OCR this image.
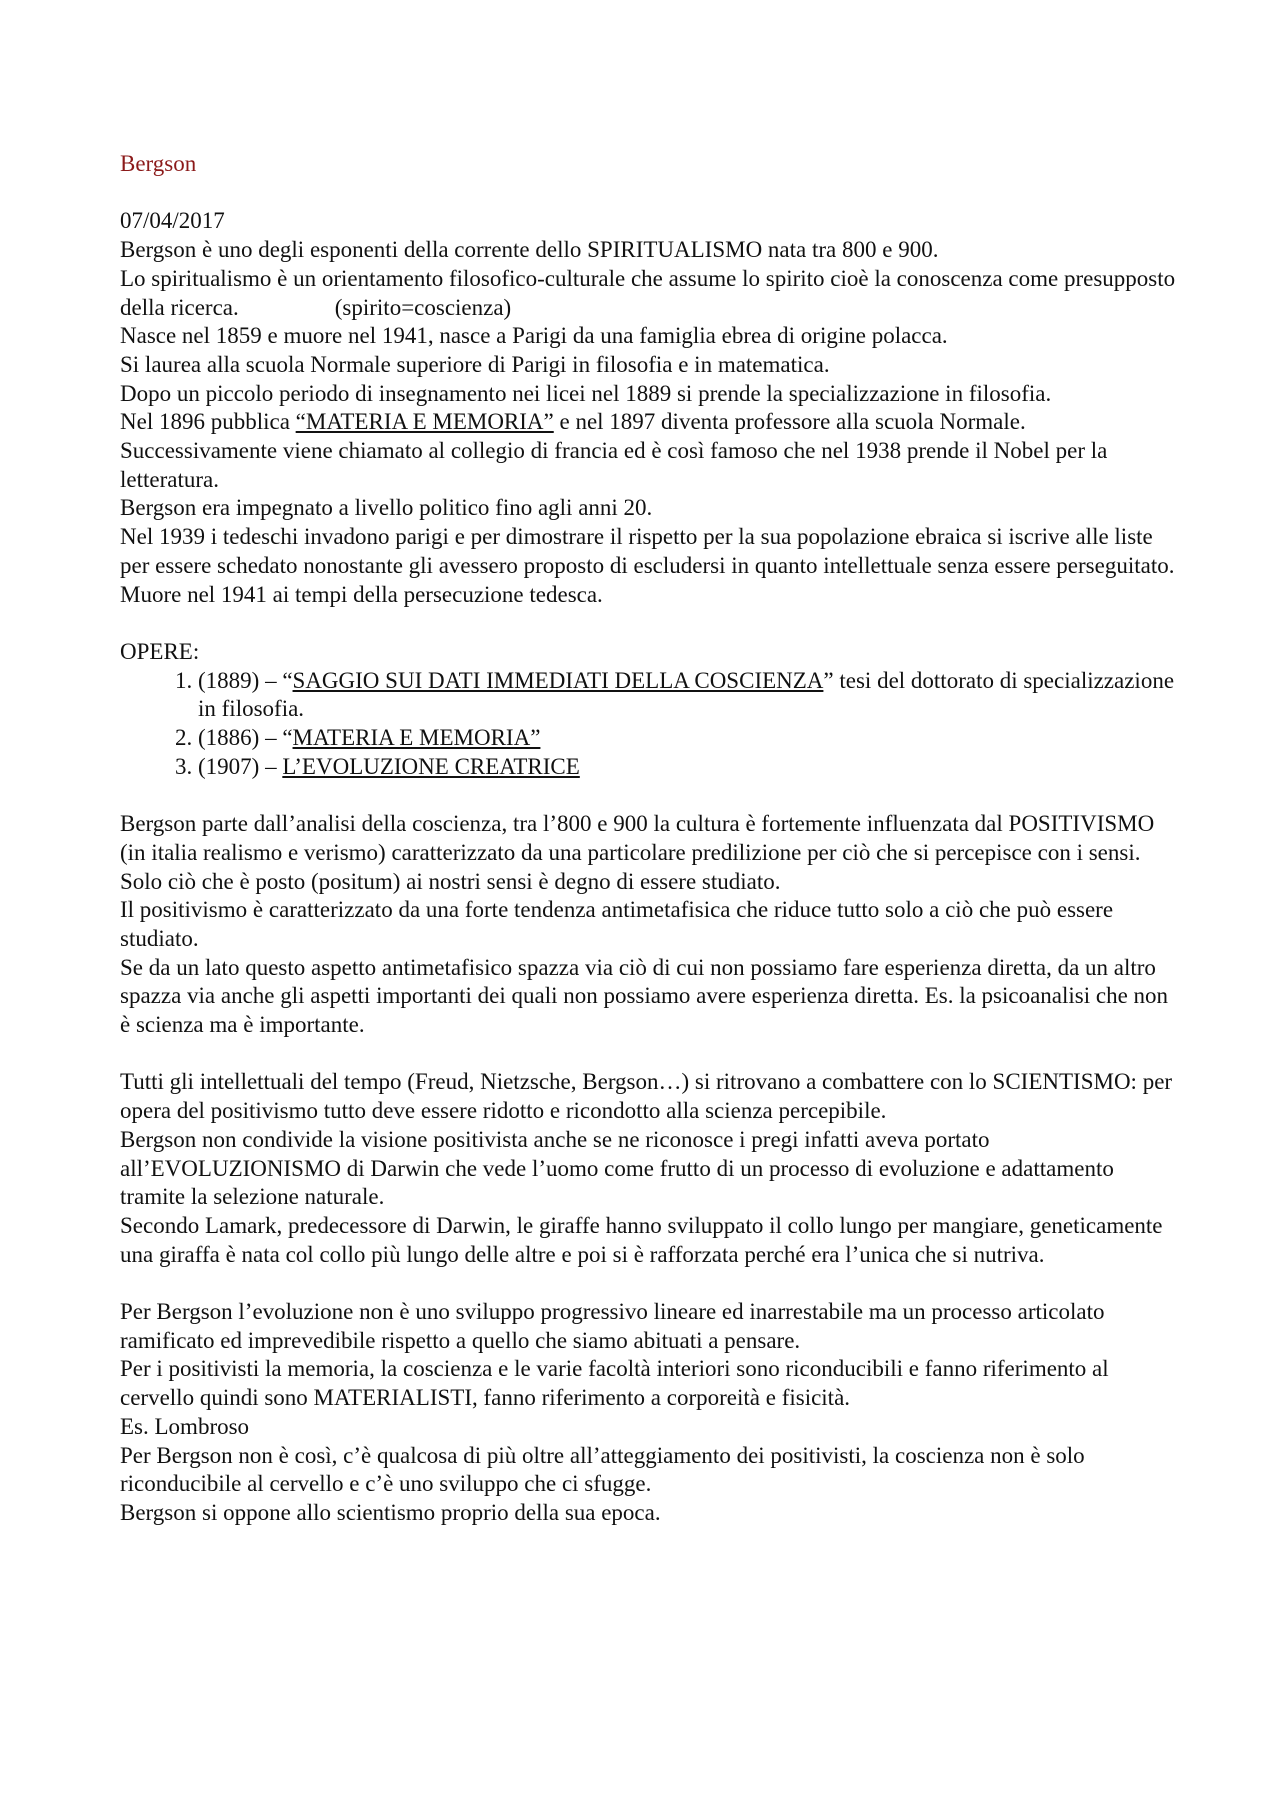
Bergson

07/04/2017

Bergson è uno degli esponenti della corrente dello SPIRITUALISMO nata tra 800 e 900.

Lo spiritualismo è un orientamento filosofico-culturale che assume lo spirito cioè la conoscenza come presupposto della ricerca.	(spirito=coscienza)

Nasce nel 1859 e muore nel 1941, nasce a Parigi da una famiglia ebrea di origine polacca.

Si laurea alla scuola Normale superiore di Parigi in filosofia e in matematica.

Dopo un piccolo periodo di insegnamento nei licei nel 1889 si prende la specializzazione in filosofia.

Nel 1896 pubblica “MATERIA E MEMORIA” e nel 1897 diventa professore alla scuola Normale.

Successivamente viene chiamato al collegio di francia ed è così famoso che nel 1938 prende il Nobel per la letteratura.

Bergson era impegnato a livello politico fino agli anni 20.

Nel 1939 i tedeschi invadono parigi e per dimostrare il rispetto per la sua popolazione ebraica si iscrive alle liste per essere schedato nonostante gli avessero proposto di escludersi in quanto intellettuale senza essere perseguitato.

Muore nel 1941 ai tempi della persecuzione tedesca.

OPERE:

1. (1889) – “SAGGIO SUI DATI IMMEDIATI DELLA COSCIENZA” tesi del dottorato di specializzazione in filosofia.
2. (1886) – “MATERIA E MEMORIA”
3. (1907) – L’EVOLUZIONE CREATRICE

Bergson parte dall’analisi della coscienza, tra l’800 e 900 la cultura è fortemente influenzata dal POSITIVISMO (in italia realismo e verismo) caratterizzato da una particolare predilizione per ciò che si percepisce con i sensi.

Solo ciò che è posto (positum) ai nostri sensi è degno di essere studiato.

Il positivismo è caratterizzato da una forte tendenza antimetafisica che riduce tutto solo a ciò che può essere studiato.

Se da un lato questo aspetto antimetafisico spazza via ciò di cui non possiamo fare esperienza diretta, da un altro spazza via anche gli aspetti importanti dei quali non possiamo avere esperienza diretta. Es. la psicoanalisi che non è scienza ma è importante.

Tutti gli intellettuali del tempo (Freud, Nietzsche, Bergson…) si ritrovano a combattere con lo SCIENTISMO: per opera del positivismo tutto deve essere ridotto e ricondotto alla scienza percepibile.

Bergson non condivide la visione positivista anche se ne riconosce i pregi infatti aveva portato all’EVOLUZIONISMO di Darwin che vede l’uomo come frutto di un processo di evoluzione e adattamento tramite la selezione naturale.

Secondo Lamark, predecessore di Darwin, le giraffe hanno sviluppato il collo lungo per mangiare, geneticamente una giraffa è nata col collo più lungo delle altre e poi si è rafforzata perché era l’unica che si nutriva.

Per Bergson l’evoluzione non è uno sviluppo progressivo lineare ed inarrestabile ma un processo articolato ramificato ed imprevedibile rispetto a quello che siamo abituati a pensare.

Per i positivisti la memoria, la coscienza e le varie facoltà interiori sono riconducibili e fanno riferimento al cervello quindi sono MATERIALISTI, fanno riferimento a corporeità e fisicità.

Es. Lombroso

Per Bergson non è così, c’è qualcosa di più oltre all’atteggiamento dei positivisti, la coscienza non è solo riconducibile al cervello e c’è uno sviluppo che ci sfugge.

Bergson si oppone allo scientismo proprio della sua epoca.
